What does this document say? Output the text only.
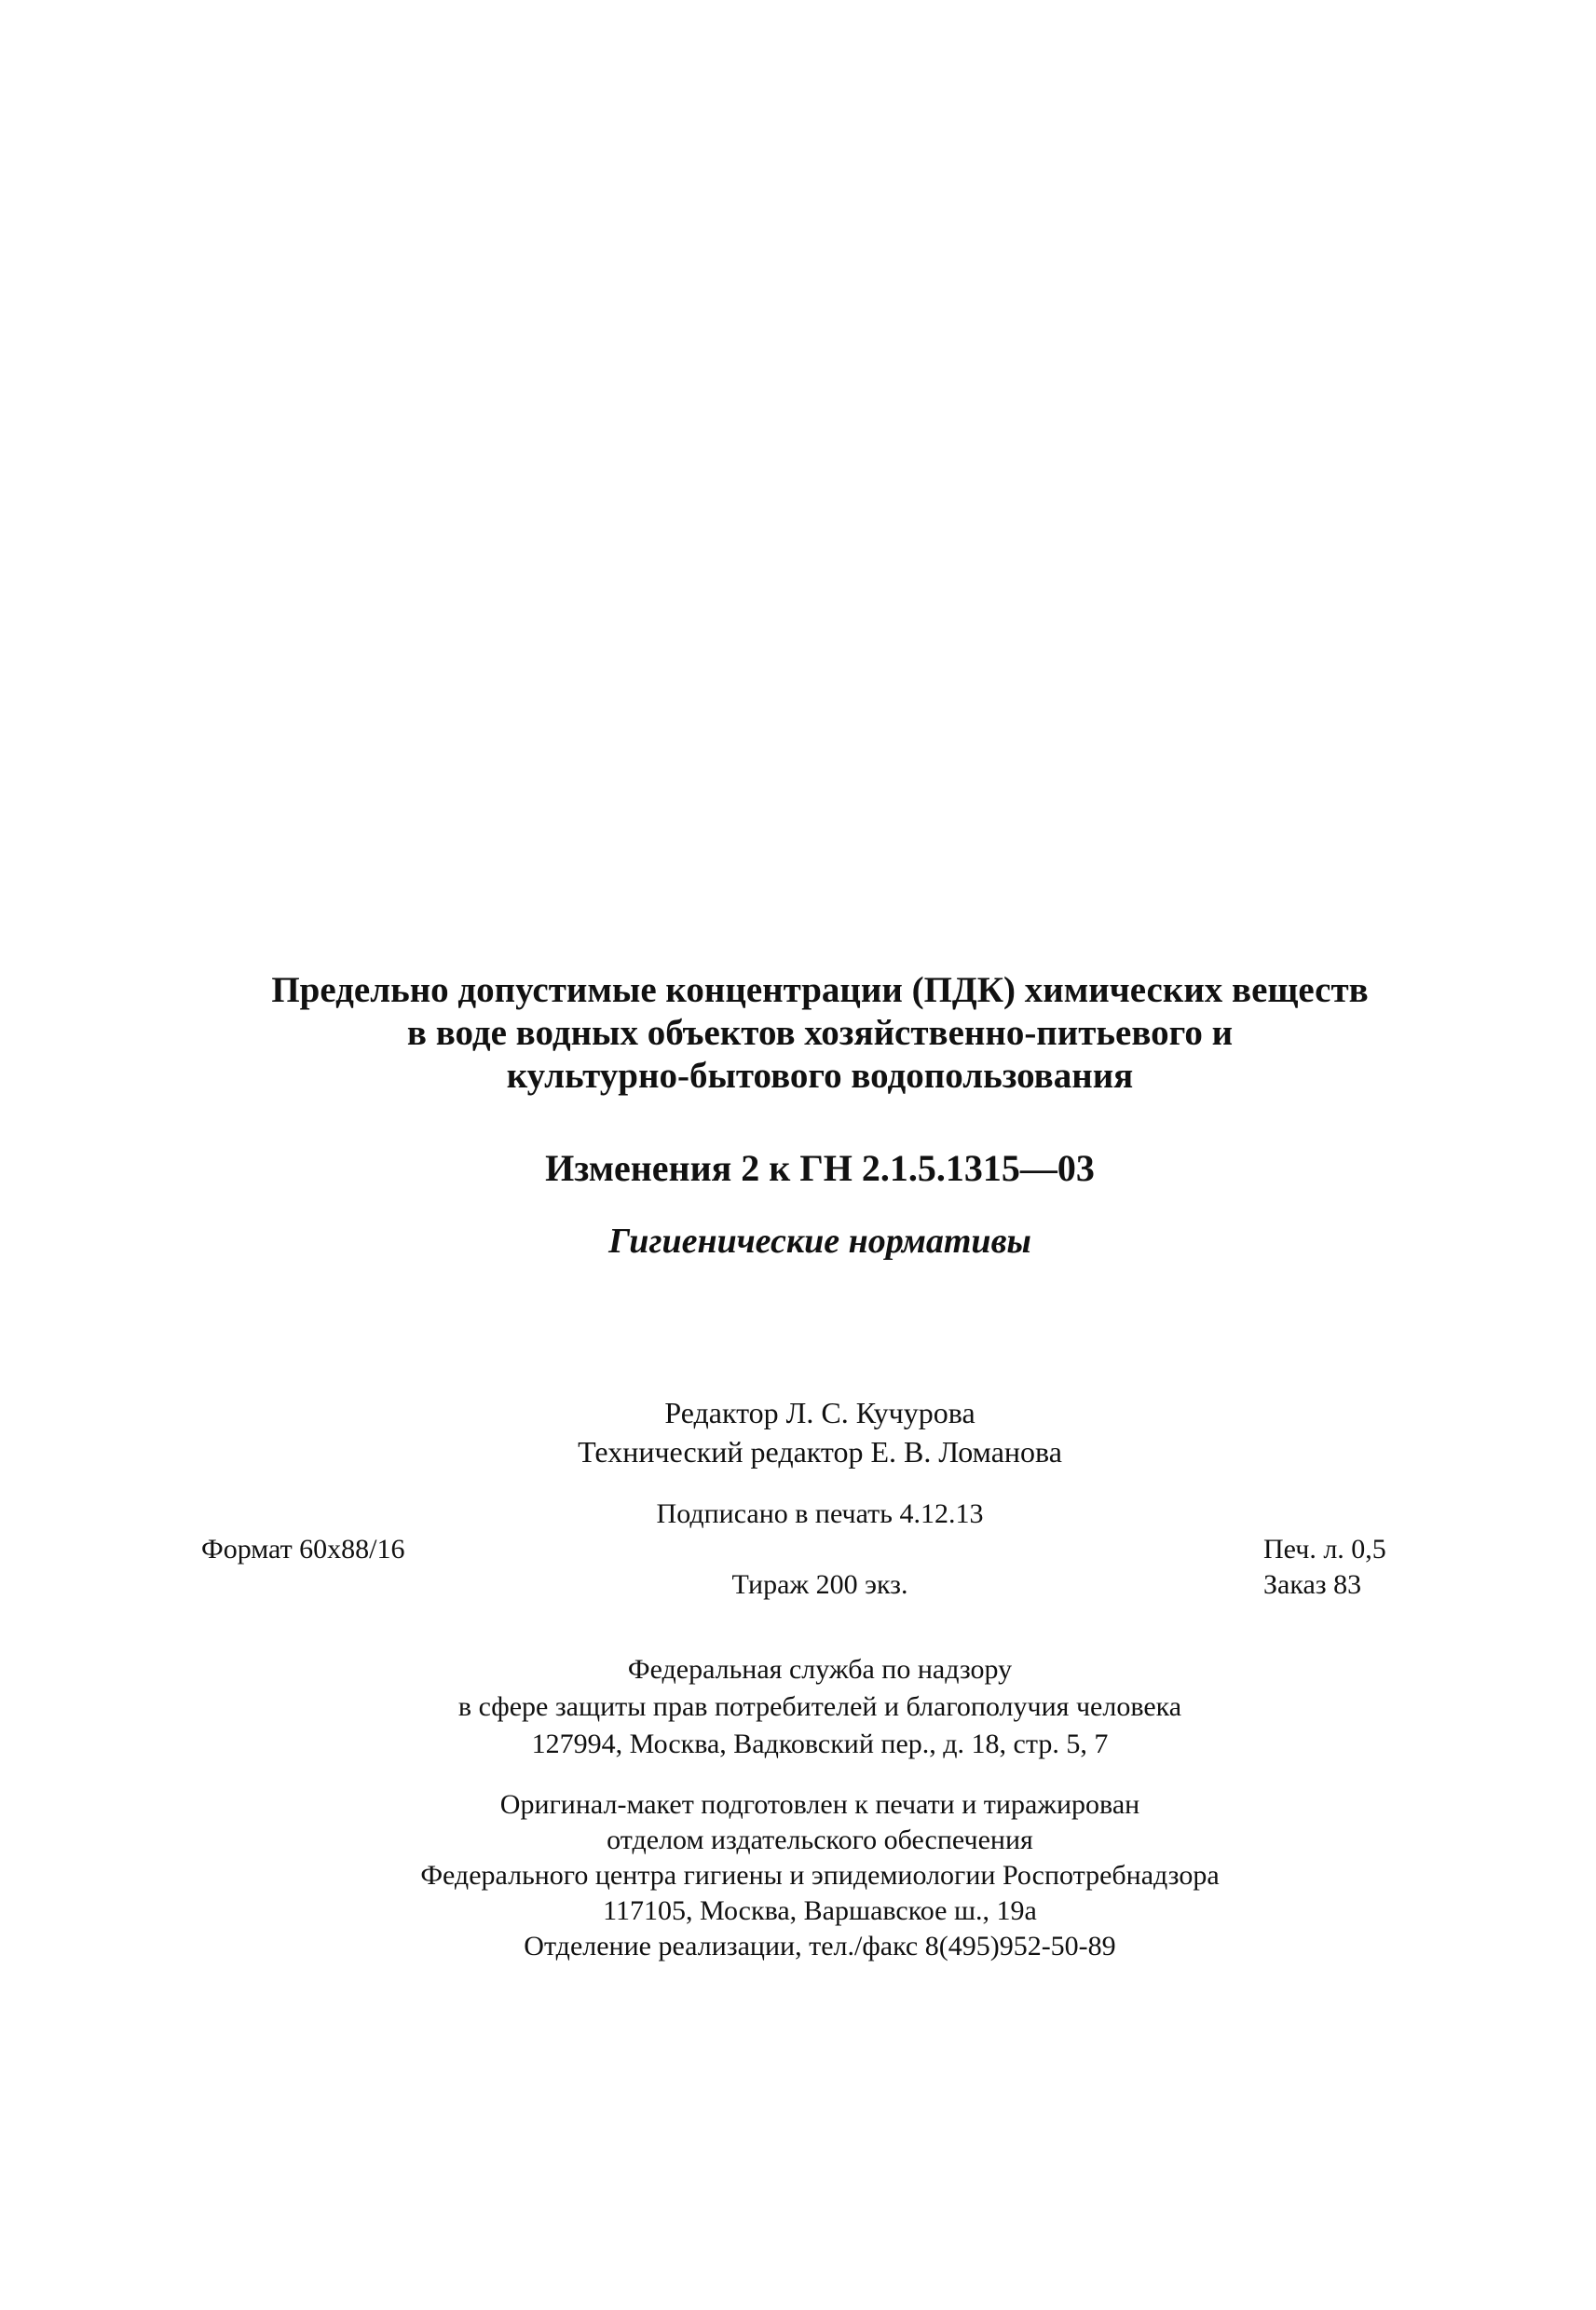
Предельно допустимые концентрации (ПДК) химических веществ
в воде водных объектов хозяйственно-питьевого и
культурно-бытового водопользования
Изменения 2 к ГН 2.1.5.1315—03
Гигиенические нормативы
Редактор Л. С. Кучурова
Технический редактор Е. В. Ломанова
Подписано в печать 4.12.13
Формат 60х88/16	Печ. л. 0,5
Тираж 200 экз.	Заказ 83
Федеральная служба по надзору
в сфере защиты прав потребителей и благополучия человека
127994, Москва, Вадковский пер., д. 18, стр. 5, 7
Оригинал-макет подготовлен к печати и тиражирован
отделом издательского обеспечения
Федерального центра гигиены и эпидемиологии Роспотребнадзора
117105, Москва, Варшавское ш., 19а
Отделение реализации, тел./факс 8(495)952-50-89
